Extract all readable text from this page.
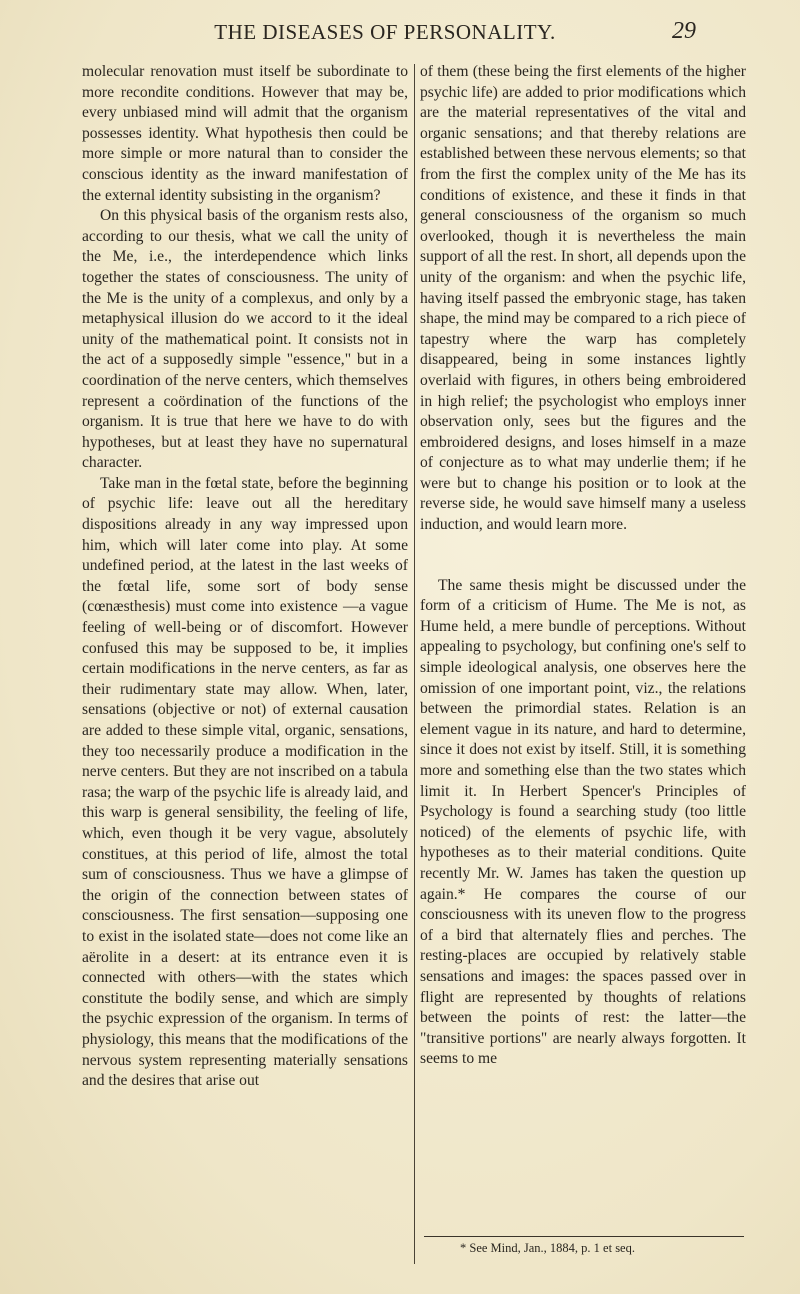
THE DISEASES OF PERSONALITY.	29

molecular renovation must itself be subordinate to more recondite conditions. However that may be, every unbiased mind will admit that the organism possesses identity. What hypothesis then could be more simple or more natural than to consider the conscious identity as the inward manifestation of the external identity subsisting in the organism?

On this physical basis of the organism rests also, according to our thesis, what we call the unity of the Me, i.e., the interdependence which links together the states of consciousness. The unity of the Me is the unity of a complexus, and only by a metaphysical illusion do we accord to it the ideal unity of the mathematical point. It consists not in the act of a supposedly simple "essence," but in a coordination of the nerve centers, which themselves represent a coördination of the functions of the organism. It is true that here we have to do with hypotheses, but at least they have no supernatural character.

Take man in the fœtal state, before the beginning of psychic life: leave out all the hereditary dispositions already in any way impressed upon him, which will later come into play. At some undefined period, at the latest in the last weeks of the fœtal life, some sort of body sense (cœnæsthesis) must come into existence —a vague feeling of well-being or of discomfort. However confused this may be supposed to be, it implies certain modifications in the nerve centers, as far as their rudimentary state may allow. When, later, sensations (objective or not) of external causation are added to these simple vital, organic, sensations, they too necessarily produce a modification in the nerve centers. But they are not inscribed on a tabula rasa; the warp of the psychic life is already laid, and this warp is general sensibility, the feeling of life, which, even though it be very vague, absolutely constitues, at this period of life, almost the total sum of consciousness. Thus we have a glimpse of the origin of the connection between states of consciousness. The first sensation—supposing one to exist in the isolated state—does not come like an aërolite in a desert: at its entrance even it is connected with others—with the states which constitute the bodily sense, and which are simply the psychic expression of the organism. In terms of physiology, this means that the modifications of the nervous system representing materially sensations and the desires that arise out

of them (these being the first elements of the higher psychic life) are added to prior modifications which are the material representatives of the vital and organic sensations; and that thereby relations are established between these nervous elements; so that from the first the complex unity of the Me has its conditions of existence, and these it finds in that general consciousness of the organism so much overlooked, though it is nevertheless the main support of all the rest. In short, all depends upon the unity of the organism: and when the psychic life, having itself passed the embryonic stage, has taken shape, the mind may be compared to a rich piece of tapestry where the warp has completely disappeared, being in some instances lightly overlaid with figures, in others being embroidered in high relief; the psychologist who employs inner observation only, sees but the figures and the embroidered designs, and loses himself in a maze of conjecture as to what may underlie them; if he were but to change his position or to look at the reverse side, he would save himself many a useless induction, and would learn more.

The same thesis might be discussed under the form of a criticism of Hume. The Me is not, as Hume held, a mere bundle of perceptions. Without appealing to psychology, but confining one's self to simple ideological analysis, one observes here the omission of one important point, viz., the relations between the primordial states. Relation is an element vague in its nature, and hard to determine, since it does not exist by itself. Still, it is something more and something else than the two states which limit it. In Herbert Spencer's Principles of Psychology is found a searching study (too little noticed) of the elements of psychic life, with hypotheses as to their material conditions. Quite recently Mr. W. James has taken the question up again.* He compares the course of our consciousness with its uneven flow to the progress of a bird that alternately flies and perches. The resting-places are occupied by relatively stable sensations and images: the spaces passed over in flight are represented by thoughts of relations between the points of rest: the latter—the "transitive portions" are nearly always forgotten. It seems to me

* See Mind, Jan., 1884, p. 1 et seq.
